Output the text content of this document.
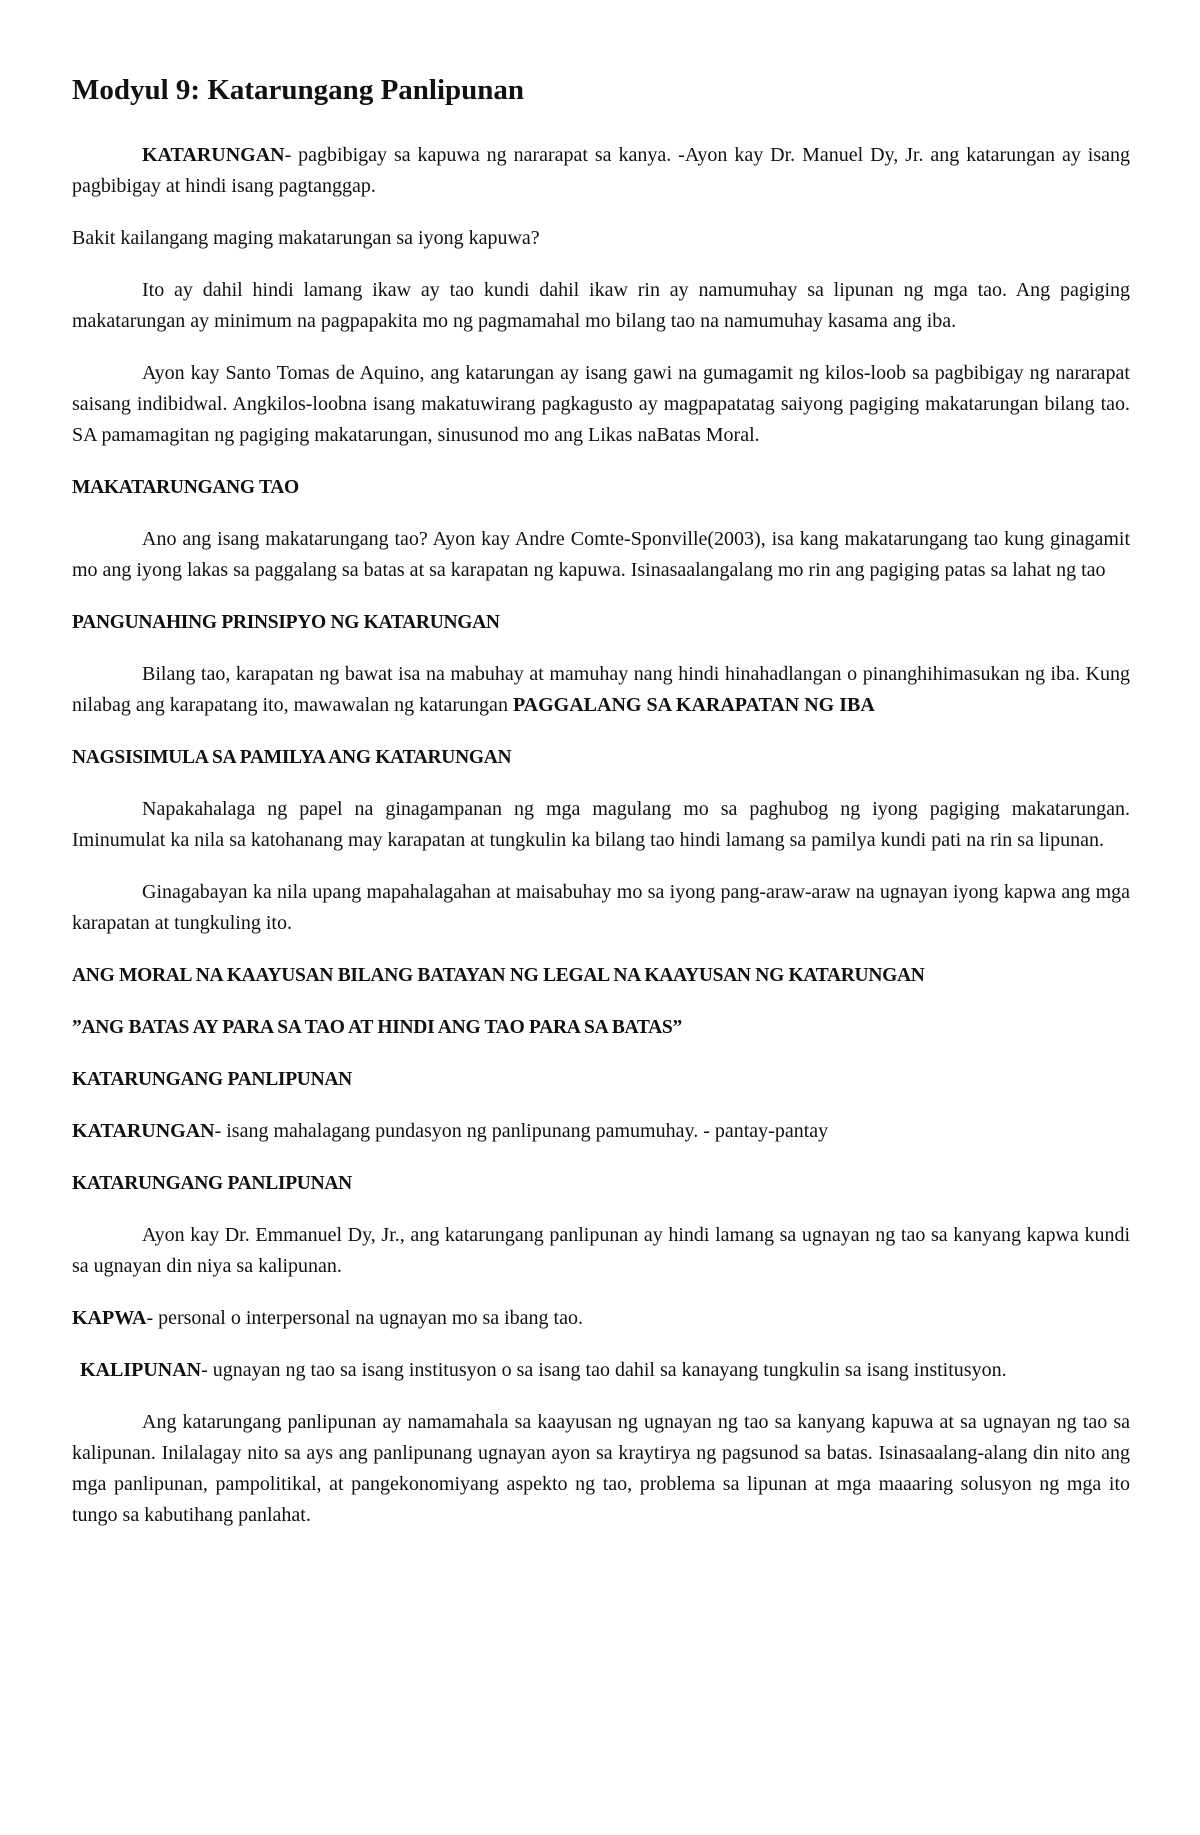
Modyul 9: Katarungang Panlipunan

KATARUNGAN- pagbibigay sa kapuwa ng nararapat sa kanya. -Ayon kay Dr. Manuel Dy, Jr. ang katarungan ay isang pagbibigay at hindi isang pagtanggap.

Bakit kailangang maging makatarungan sa iyong kapuwa?

Ito ay dahil hindi lamang ikaw ay tao kundi dahil ikaw rin ay namumuhay sa lipunan ng mga tao. Ang pagiging makatarungan ay minimum na pagpapakita mo ng pagmamahal mo bilang tao na namumuhay kasama ang iba.

Ayon kay Santo Tomas de Aquino, ang katarungan ay isang gawi na gumagamit ng kilos-loob sa pagbibigay ng nararapat saisang indibidwal. Angkilos-loobna isang makatuwirang pagkagusto ay magpapatatag saiyong pagiging makatarungan bilang tao. SA pamamagitan ng pagiging makatarungan, sinusunod mo ang Likas naBatas Moral.

MAKATARUNGANG TAO

Ano ang isang makatarungang tao? Ayon kay Andre Comte-Sponville(2003), isa kang makatarungang tao kung ginagamit mo ang iyong lakas sa paggalang sa batas at sa karapatan ng kapuwa. Isinasaalangalang mo rin ang pagiging patas sa lahat ng tao

PANGUNAHING PRINSIPYO NG KATARUNGAN

Bilang tao, karapatan ng bawat isa na mabuhay at mamuhay nang hindi hinahadlangan o pinanghihimasukan ng iba. Kung nilabag ang karapatang ito, mawawalan ng katarungan PAGGALANG SA KARAPATAN NG IBA

NAGSISIMULA SA PAMILYA ANG KATARUNGAN

Napakahalaga ng papel na ginagampanan ng mga magulang mo sa paghubog ng iyong pagiging makatarungan. Iminumulat ka nila sa katohanang may karapatan at tungkulin ka bilang tao hindi lamang sa pamilya kundi pati na rin sa lipunan.

Ginagabayan ka nila upang mapahalagahan at maisabuhay mo sa iyong pang-araw-araw na ugnayan iyong kapwa ang mga karapatan at tungkuling ito.

ANG MORAL NA KAAYUSAN BILANG BATAYAN NG LEGAL NA KAAYUSAN NG KATARUNGAN

”ANG BATAS AY PARA SA TAO AT HINDI ANG TAO PARA SA BATAS”

KATARUNGANG PANLIPUNAN

KATARUNGAN- isang mahalagang pundasyon ng panlipunang pamumuhay. - pantay-pantay

KATARUNGANG PANLIPUNAN

Ayon kay Dr. Emmanuel Dy, Jr., ang katarungang panlipunan ay hindi lamang sa ugnayan ng tao sa kanyang kapwa kundi sa ugnayan din niya sa kalipunan.

KAPWA- personal o interpersonal na ugnayan mo sa ibang tao.

KALIPUNAN- ugnayan ng tao sa isang institusyon o sa isang tao dahil sa kanayang tungkulin sa isang institusyon.

Ang katarungang panlipunan ay namamahala sa kaayusan ng ugnayan ng tao sa kanyang kapuwa at sa ugnayan ng tao sa kalipunan. Inilalagay nito sa ays ang panlipunang ugnayan ayon sa kraytirya ng pagsunod sa batas. Isinasaalang-alang din nito ang mga panlipunan, pampolitikal, at pangekonomiyang aspekto ng tao, problema sa lipunan at mga maaaring solusyon ng mga ito tungo sa kabutihang panlahat.
